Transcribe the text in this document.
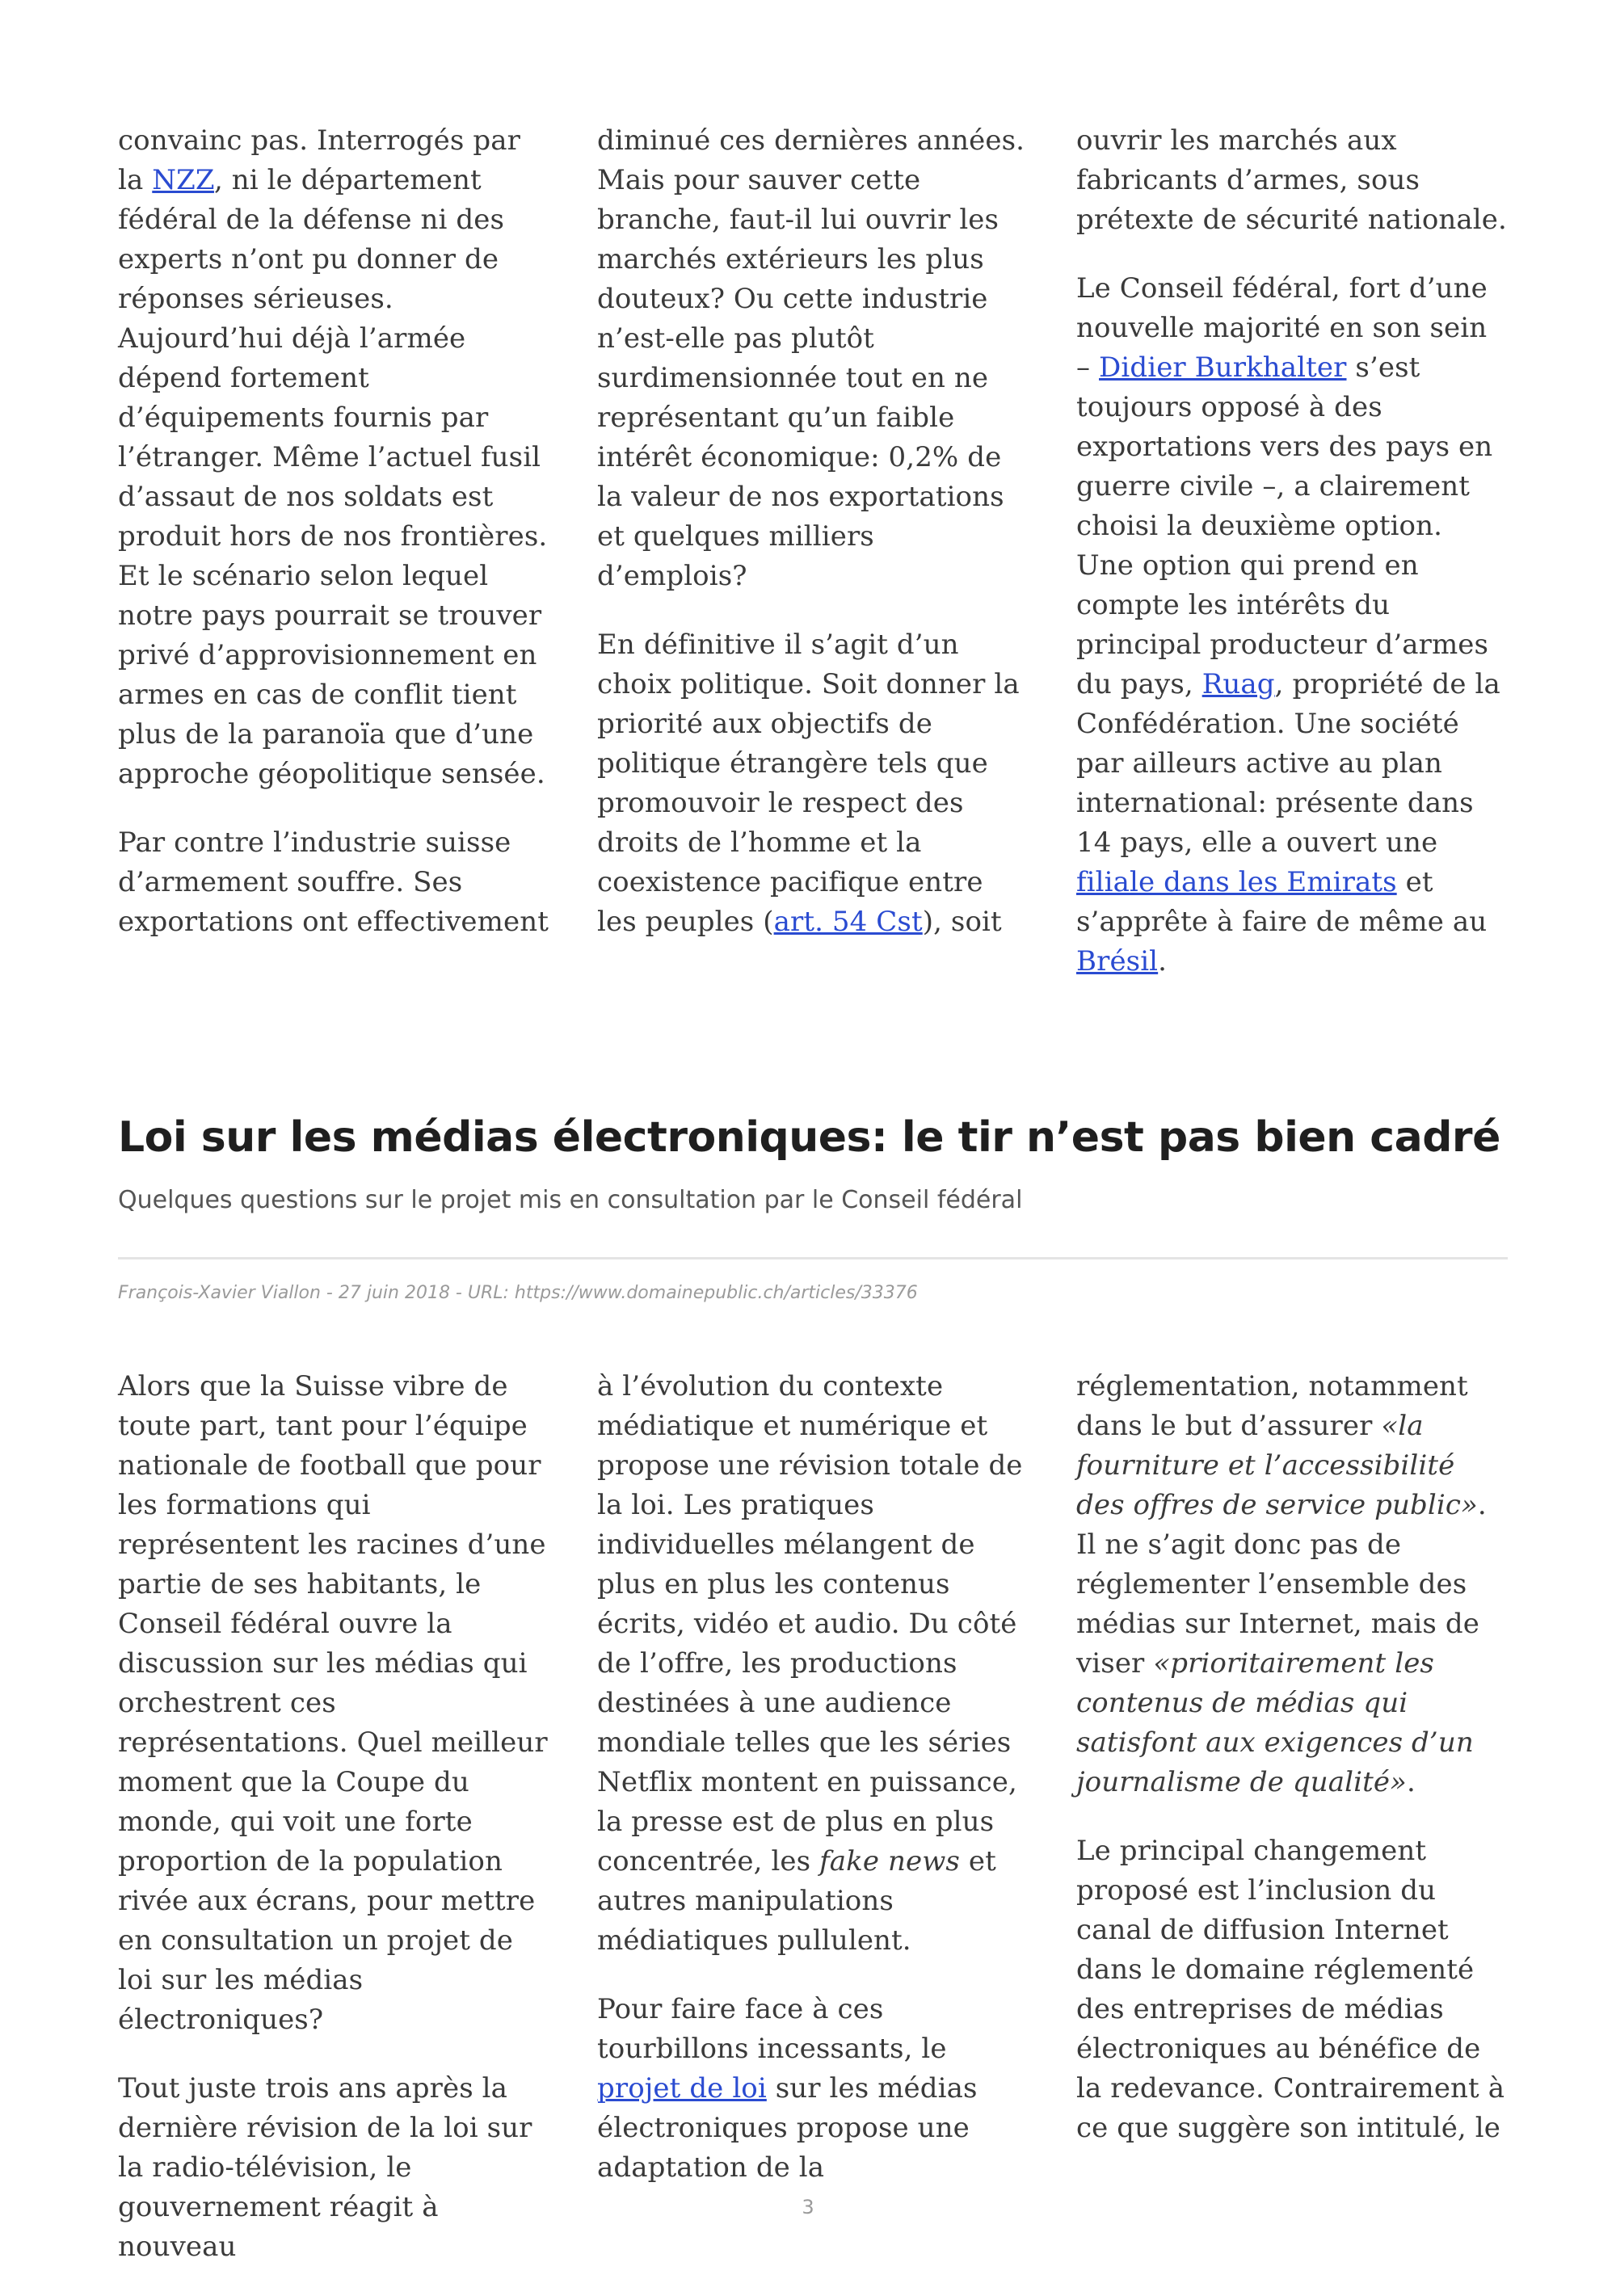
convainc pas. Interrogés par la NZZ, ni le département fédéral de la défense ni des experts n’ont pu donner de réponses sérieuses. Aujourd’hui déjà l’armée dépend fortement d’équipements fournis par l’étranger. Même l’actuel fusil d’assaut de nos soldats est produit hors de nos frontières. Et le scénario selon lequel notre pays pourrait se trouver privé d’approvisionnement en armes en cas de conflit tient plus de la paranoïa que d’une approche géopolitique sensée.

Par contre l’industrie suisse d’armement souffre. Ses exportations ont effectivement

diminué ces dernières années. Mais pour sauver cette branche, faut-il lui ouvrir les marchés extérieurs les plus douteux? Ou cette industrie n’est-elle pas plutôt surdimensionnée tout en ne représentant qu’un faible intérêt économique: 0,2% de la valeur de nos exportations et quelques milliers d’emplois?

En définitive il s’agit d’un choix politique. Soit donner la priorité aux objectifs de politique étrangère tels que promouvoir le respect des droits de l’homme et la coexistence pacifique entre les peuples (art. 54 Cst), soit

ouvrir les marchés aux fabricants d’armes, sous prétexte de sécurité nationale.

Le Conseil fédéral, fort d’une nouvelle majorité en son sein – Didier Burkhalter s’est toujours opposé à des exportations vers des pays en guerre civile –, a clairement choisi la deuxième option. Une option qui prend en compte les intérêts du principal producteur d’armes du pays, Ruag, propriété de la Confédération. Une société par ailleurs active au plan international: présente dans 14 pays, elle a ouvert une filiale dans les Emirats et s’apprête à faire de même au Brésil.

Loi sur les médias électroniques: le tir n’est pas bien cadré

Quelques questions sur le projet mis en consultation par le Conseil fédéral

François-Xavier Viallon - 27 juin 2018 - URL: https://www.domainepublic.ch/articles/33376

Alors que la Suisse vibre de toute part, tant pour l’équipe nationale de football que pour les formations qui représentent les racines d’une partie de ses habitants, le Conseil fédéral ouvre la discussion sur les médias qui orchestrent ces représentations. Quel meilleur moment que la Coupe du monde, qui voit une forte proportion de la population rivée aux écrans, pour mettre en consultation un projet de loi sur les médias électroniques?

Tout juste trois ans après la dernière révision de la loi sur la radio-télévision, le gouvernement réagit à nouveau

à l’évolution du contexte médiatique et numérique et propose une révision totale de la loi. Les pratiques individuelles mélangent de plus en plus les contenus écrits, vidéo et audio. Du côté de l’offre, les productions destinées à une audience mondiale telles que les séries Netflix montent en puissance, la presse est de plus en plus concentrée, les fake news et autres manipulations médiatiques pullulent.

Pour faire face à ces tourbillons incessants, le projet de loi sur les médias électroniques propose une adaptation de la

réglementation, notamment dans le but d’assurer «la fourniture et l’accessibilité des offres de service public». Il ne s’agit donc pas de réglementer l’ensemble des médias sur Internet, mais de viser «prioritairement les contenus de médias qui satisfont aux exigences d’un journalisme de qualité».

Le principal changement proposé est l’inclusion du canal de diffusion Internet dans le domaine réglementé des entreprises de médias électroniques au bénéfice de la redevance. Contrairement à ce que suggère son intitulé, le

3
